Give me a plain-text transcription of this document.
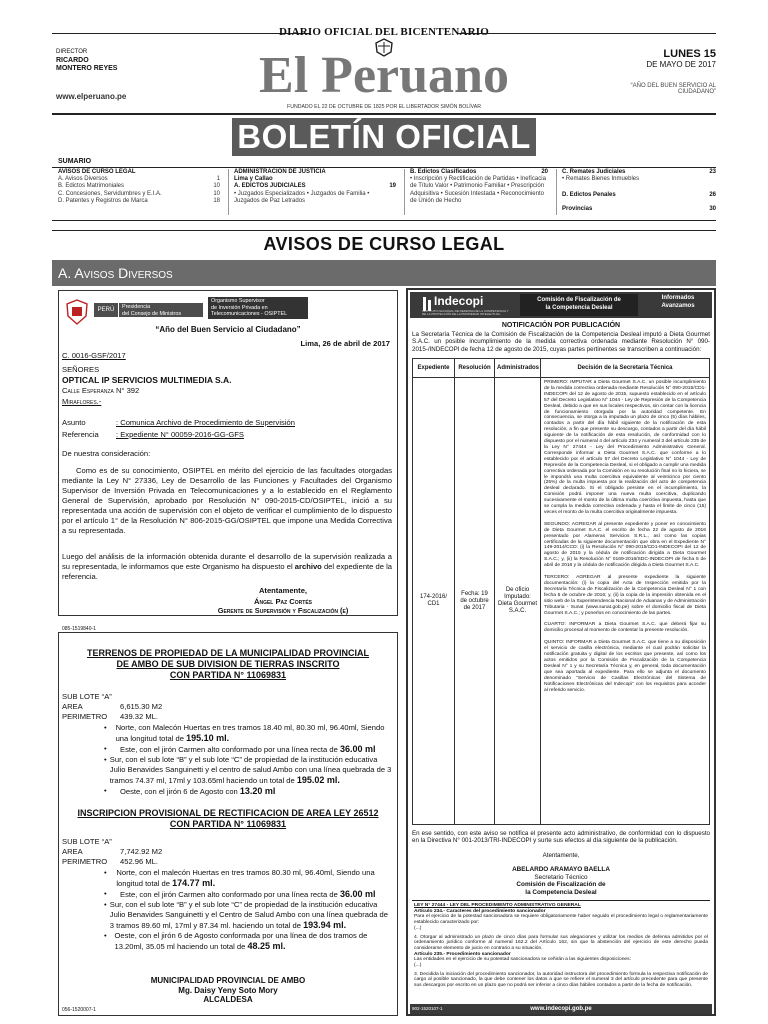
DIARIO OFICIAL DEL BICENTENARIO
DIRECTOR
RICARDO
MONTERO REYES
www.elperuano.pe	El Peruano	LUNES 15
DE MAYO DE 2017
“AÑO DEL BUEN SERVICIO AL
CIUDADANO”
FUNDADO EL 22 DE OCTUBRE DE 1825 POR EL LIBERTADOR SIMÓN BOLÍVAR
BOLETÍN OFICIAL
SUMARIO
AVISOS DE CURSO LEGAL
A. Avisos Diversos	1
B. Edictos Matrimoniales	10
C. Concesiones, Servidumbres y E.I.A.	10
D. Patentes y Registros de Marca	18
ADMINISTRACIÓN DE JUSTICIA
Lima y Callao
A. EDICTOS JUDICIALES	19
• Juzgados Especializados • Juzgados de Familia • Juzgados de Paz Letrados
B. Edictos Clasificados	20
• Inscripción y Rectificación de Partidas • Inefícacia de Título Valor • Patrimonio Familiar • Prescripción Adquisitiva • Sucesión Intestada • Reconocimiento de Unión de Hecho
C. Remates Judiciales	23
• Remates Bienes Inmuebles
D. Edictos Penales	26
Provincias	30
AVISOS DE CURSO LEGAL
A. Avisos Diversos
PERÚ	Presidencia
del Consejo de Ministros
Organismo Supervisor
de Inversión Privada en
Telecomunicaciones - OSIPTEL
“Año del Buen Servicio al Ciudadano”
Lima, 26 de abril de 2017
C. 0016-GSF/2017
SEÑORES
OPTICAL IP SERVICIOS MULTIMEDIA S.A.
Calle Esperanza N° 392
Miraflores.-
Asunto	: Comunica Archivo de Procedimiento de Supervisión
Referencia : Expediente N° 00059-2016-GG-GFS
De nuestra consideración:
Como es de su conocimiento, OSIPTEL en mérito del ejercicio de las facultades otorgadas mediante la Ley N° 27336, Ley de Desarrollo de las Funciones y Facultades del Organismo Supervisor de Inversión Privada en Telecomunicaciones y a lo establecido en el Reglamento General de Supervisión, aprobado por Resolución N° 090-2015-CD/OSIPTEL, inició a su representada una acción de supervisión con el objeto de verificar el cumplimiento de lo dispuesto por el artículo 1° de la Resolución N° 806-2015-GG/OSIPTEL que impone una Medida Correctiva a su representada.
Luego del análisis de la información obtenida durante el desarrollo de la supervisión realizada a su representada, le informamos que este Organismo ha dispuesto el archivo del expediente de la referencia.
Atentamente,
Ángel Paz Cortés
Gerente de Supervisión y Fiscalización (e)
085-1519840-1
TERRENOS DE PROPIEDAD DE LA MUNICIPALIDAD PROVINCIAL
DE AMBO DE SUB DIVISION DE TIERRAS INSCRITO
CON PARTIDA N° 11069831
SUB LOTE “A”
AREA	6,615.30 M2
PERIMETRO 439.32 ML.
•	Norte, con Malecón Huertas en tres tramos 18.40 ml, 80.30 ml, 96.40ml, Siendo una longitud total de 195.10 ml.
•	Este, con el jirón Carmen alto conformado por una línea recta de 36.00 ml
• Sur, con el sub lote “B” y el sub lote “C” de propiedad de la institución educativa Julio Benavides Sanguinetti y el centro de salud Ambo con una línea quebrada de 3 tramos 74.37 ml, 17ml y 103.65ml haciendo un total de 195.02 ml.
•	Oeste, con el jirón 6 de Agosto con 13.20 ml
INSCRIPCION PROVISIONAL DE RECTIFICACION DE AREA LEY 26512
CON PARTIDA N° 11069831
SUB LOTE “A”
AREA	7,742.92 M2
PERIMETRO 452.96 ML.
•	Norte, con el malecón Huertas en tres tramos 80.30 ml, 96.40ml, Siendo una longitud total de 174.77 ml.
•	Este, con el jirón Carmen alto conformado por una línea recta de 36.00 ml
• Sur, con el sub lote “B” y el sub lote “C” de propiedad de la institución educativa Julio Benavides Sanguinetti y el Centro de Salud Ambo con una línea quebrada de 3 tramos 89.60 ml, 17ml y 87.34 ml. haciendo un total de 193.94 ml.
•	Oeste, con el jirón 6 de Agosto conformada por una línea de dos tramos de 13.20ml, 35.05 ml haciendo un total de 48.25 ml.
MUNICIPALIDAD PROVINCIAL DE AMBO
Mg. Daisy Yeny Soto Mory
ALCALDESA
056-1520007-1
Indecopi
INSTITUTO NACIONAL DE DEFENSA DE LA COMPETENCIA Y DE LA PROTECCIÓN DE LA PROPIEDAD INTELECTUAL
Comisión de Fiscalización de
la Competencia Desleal
Informados
Avanzamos
NOTIFICACIÓN POR PUBLICACIÓN
La Secretaría Técnica de la Comisión de Fiscalización de la Competencia Desleal imputó a Dieta Gourmet S.A.C. un posible incumplimiento de la medida correctiva ordenada mediante Resolución N° 090-2015-/INDECOPI de fecha 12 de agosto de 2015, cuyas partes pertinentes se transcriben a continuación:
Expediente	Resolución	Administrados	Decisión de la Secretaría Técnica
174-2016/ CD1	Fecha: 19 de octubre de 2017	De oficio Imputado: Dieta Gourmet S.A.C.	PRIMERO: IMPUTAR a Dieta Gourmet S.A.C. un posible incumplimiento de la medida correctiva ordenada mediante Resolución N° 090-2015/CD1-INDECOPI del 12 de agosto de 2015, supuesto establecido en el artículo 57 del Decreto Legislativo N° 1044 - Ley de Represión de la Competencia Desleal, debido a que en sus locales respectivos, sin contar con la licencia de funcionamiento otorgada por la autoridad competente. En consecuencia, se otorga a la imputada un plazo de cinco (5) días hábiles, contados a partir del día hábil siguiente de la notificación de esta resolución, a fin que presente su descargo, contados a partir del día hábil siguiente de la notificación de esta resolución, de conformidad con lo dispuesto por el numeral 4 del artículo 234 y numeral 3 del artículo 235 de la Ley N° 27444 - Ley del Procedimiento Administrativo General. Corresponde informar a Dieta Gourmet S.A.C. que conforme a lo establecido por el artículo 57 del Decreto Legislativo N° 1044 - Ley de Represión de la Competencia Desleal, si el obligado a cumplir una medida correctiva ordenada por la Comisión en su resolución final no lo hiciera, se le impondrá una multa coercitiva equivalente al veinticinco por ciento (25%) de la multa impuesta por la realización del acto de competencia desleal declarado. Si el obligado persiste en el incumplimiento, la Comisión podrá imponer una nueva multa coercitiva, duplicando sucesivamente el monto de la última multa coercitiva impuesta, hasta que se cumpla la medida correctiva ordenada y hasta el límite de cinco (15) veces el monto de la multa coercitiva originalmente impuesta.
SEGUNDO: AGREGAR al presente expediente y poner en conocimiento de Dieta Gourmet S.A.C. el escrito de fecha 22 de agosto de 2016 presentado por Alameras Servicios S.R.L., así como las copias certificadas de la siguiente documentación que obra en el Expediente N° 149-2014/CCD: (i) la Resolución N° 090-2015/CD1-INDECOPI del 12 de agosto de 2015 y la cédula de notificación dirigida a Dieta Gourmet S.A.C.; y, (ii) la Resolución N° 0169-2016/SDC-INDECOPI de fecha 5 de abril de 2016 y la cédula de notificación dirigida a Dieta Gourmet S.A.C.
TERCERO: AGREGAR al presente expediente la siguiente documentación: (i) la copia del Acta de Inspección emitida por la Secretaría Técnica de Fiscalización de la Competencia Desleal N° 1 con fecha 5 de octubre de 2016; y, (ii) la copia de la impresión obtenida en el sitio web de la Superintendencia Nacional de Aduanas y de Administración Tributaria - Sunat (www.sunat.gob.pe) sobre el domicilio fiscal de Dieta Gourmet S.A.C.; y ponerlos en conocimiento de las partes.
CUARTO: INFORMAR a Dieta Gourmet S.A.C. que deberá fijar su domicilio procesal al momento de contestar la presente resolución.
QUINTO: INFORMAR a Dieta Gourmet S.A.C. que tiene a su disposición el servicio de casilla electrónica, mediante el cual podrán solicitar la notificación gratuita y digital de los escritos que presente, así como los actos emitidos por la Comisión de Fiscalización de la Competencia Desleal N° 1 y su Secretaría Técnica y, en general, toda documentación que sea aportada al expediente. Para ello se adjunta el documento denominado “Servicio de Casillas Electrónicas del Sistema de Notificaciones Electrónicas del Indecopi” con los requisitos para acceder al referido servicio.
En ese sentido, con este aviso se notifica el presente acto administrativo, de conformidad con lo dispuesto en la Directiva N° 001-2013/TRI-INDECOPI y surte sus efectos al día siguiente de la publicación.
Atentamente,
ABELARDO ARAMAYO BAELLA
Secretario Técnico
Comisión de Fiscalización de
la Competencia Desleal
LEY N° 27444 - LEY DEL PROCEDIMIENTO ADMINISTRATIVO GENERAL
Artículo 234.- Caracteres del procedimiento sancionador
Para el ejercicio de la potestad sancionadora se requiere obligatoriamente haber seguido el procedimiento legal o reglamentariamente establecido caracterizado por:
(...)
4. Otorgar al administrado un plazo de cinco días para formular sus alegaciones y utilizar los medios de defensa admitidos por el ordenamiento jurídico conforme al numeral 162.2 del Artículo 162, sin que la abstención del ejercicio de este derecho pueda considerarse elemento de juicio en contrario a su situación.
Artículo 235.- Procedimiento sancionador
Las entidades en el ejercicio de su potestad sancionadora se ceñirán a las siguientes disposiciones:
(...)
3. Decidida la iniciación del procedimiento sancionador, la autoridad instructora del procedimiento formula la respectiva notificación de cargo al posible sancionado, la que debe contener los datos a que se refiere el numeral 3 del artículo precedente para que presente sus descargos por escrito en un plazo que no podrá ser inferior a cinco días hábiles contados a partir de la fecha de notificación.
902-1520107-1	www.indecopi.gob.pe
